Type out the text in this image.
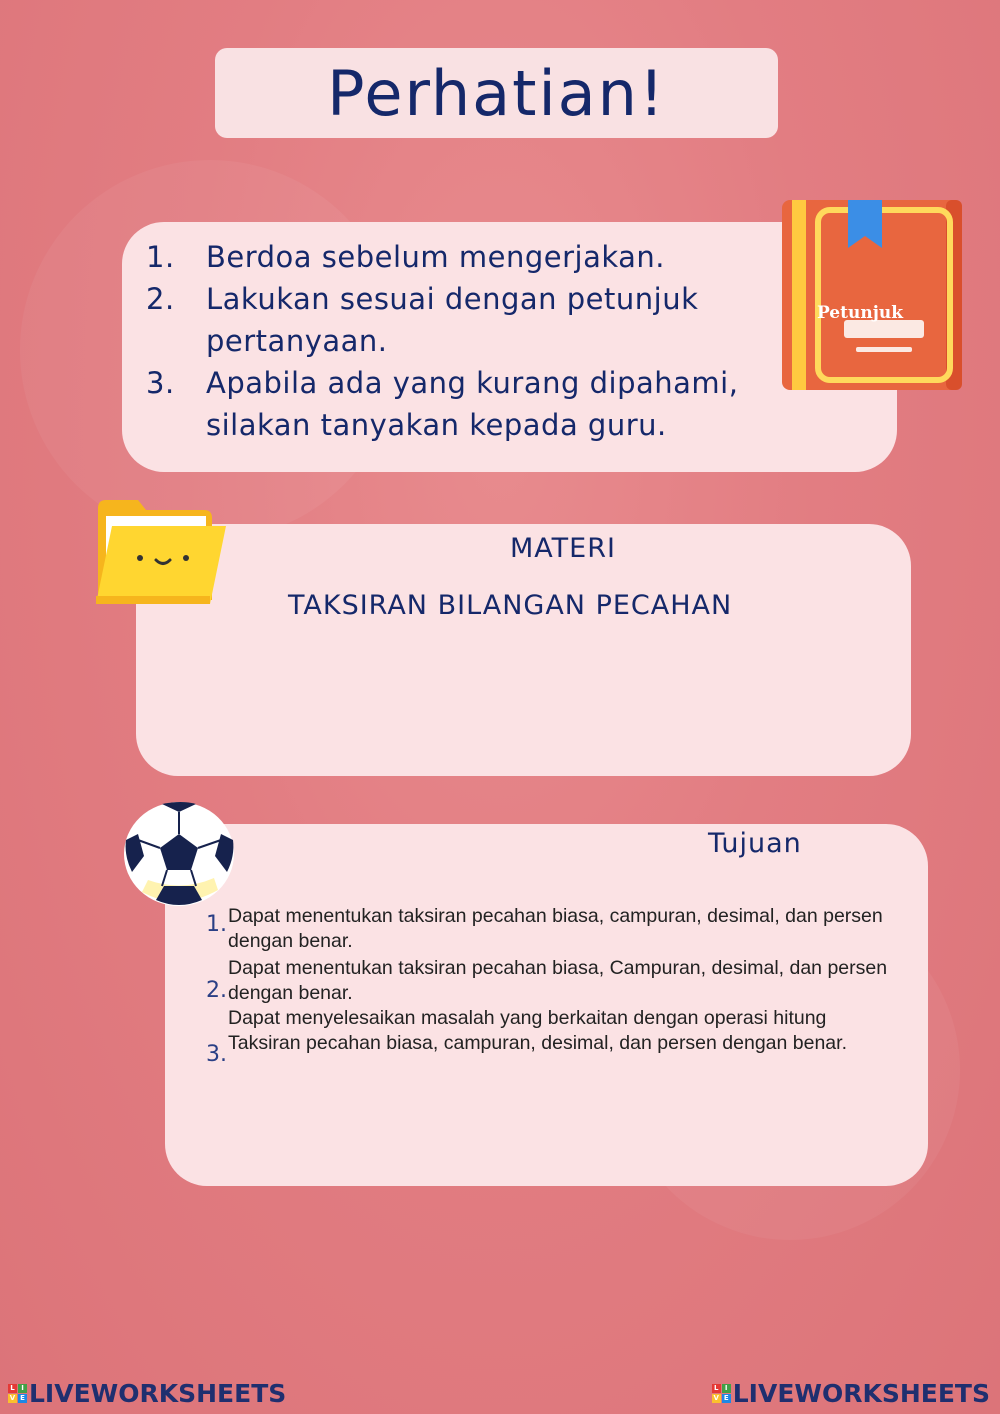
Perhatian!
1.	Berdoa sebelum mengerjakan.
2.	Lakukan sesuai dengan petunjuk pertanyaan.
3.	Apabila ada yang kurang dipahami, silakan tanyakan kepada guru.
Petunjuk
MATERI
TAKSIRAN BILANGAN PECAHAN
Tujuan
1. Dapat menentukan taksiran pecahan biasa, campuran, desimal, dan persen dengan benar.
2.
Dapat menentukan taksiran pecahan biasa, Campuran, desimal, dan persen dengan benar.
3.
Dapat menyelesaikan masalah yang berkaitan dengan operasi hitung Taksiran pecahan biasa, campuran, desimal, dan persen dengan benar.
L I
V E LIVEWORKSHEETS	L I
V E LIVEWORKSHEETS
